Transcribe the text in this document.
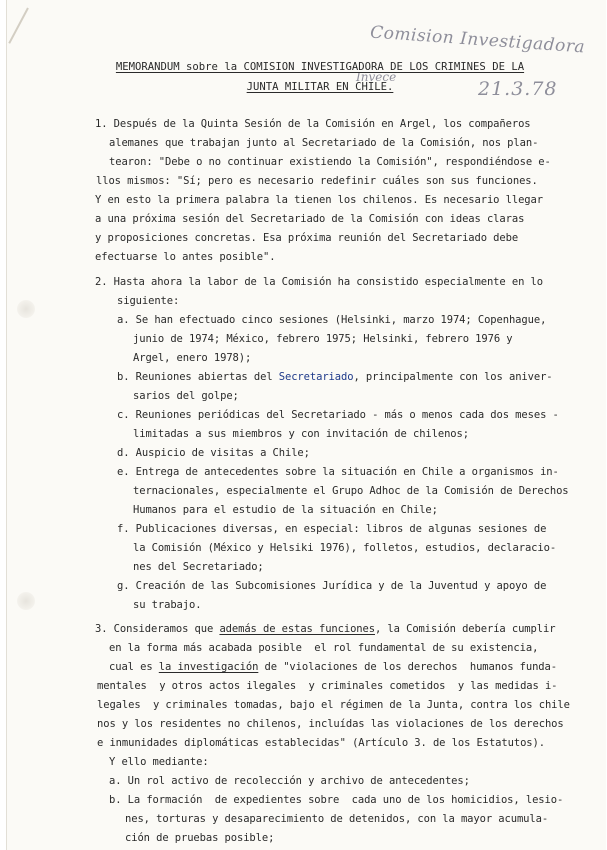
Comision Investigadora
Invece
21.3.78
MEMORANDUM sobre la COMISION INVESTIGADORA DE LOS CRIMINES DE LA
JUNTA MILITAR EN CHILE.
1. Después de la Quinta Sesión de la Comisión en Argel, los compañeros
alemanes que trabajan junto al Secretariado de la Comisión, nos plan-
tearon: "Debe o no continuar existiendo la Comisión", respondiéndose e-
llos mismos: "Sí; pero es necesario redefinir cuáles son sus funciones.
Y en esto la primera palabra la tienen los chilenos. Es necesario llegar
a una próxima sesión del Secretariado de la Comisión con ideas claras
y proposiciones concretas. Esa próxima reunión del Secretariado debe
efectuarse lo antes posible".
2. Hasta ahora la labor de la Comisión ha consistido especialmente en lo
siguiente:
a. Se han efectuado cinco sesiones (Helsinki, marzo 1974; Copenhague,
junio de 1974; México, febrero 1975; Helsinki, febrero 1976 y
Argel, enero 1978);
b. Reuniones abiertas del Secretariado, principalmente con los aniver-
sarios del golpe;
c. Reuniones periódicas del Secretariado - más o menos cada dos meses -
limitadas a sus miembros y con invitación de chilenos;
d. Auspicio de visitas a Chile;
e. Entrega de antecedentes sobre la situación en Chile a organismos in-
ternacionales, especialmente el Grupo Adhoc de la Comisión de Derechos
Humanos para el estudio de la situación en Chile;
f. Publicaciones diversas, en especial: libros de algunas sesiones de
la Comisión (México y Helsiki 1976), folletos, estudios, declaracio-
nes del Secretariado;
g. Creación de las Subcomisiones Jurídica y de la Juventud y apoyo de
su trabajo.
3. Consideramos que además de estas funciones, la Comisión debería cumplir
en la forma más acabada posible  el rol fundamental de su existencia,
cual es la investigación de "violaciones de los derechos  humanos funda-
mentales  y otros actos ilegales  y criminales cometidos  y las medidas i-
legales  y criminales tomadas, bajo el régimen de la Junta, contra los chile
nos y los residentes no chilenos, incluídas las violaciones de los derechos
e inmunidades diplomáticas establecidas" (Artículo 3. de los Estatutos).
Y ello mediante:
a. Un rol activo de recolección y archivo de antecedentes;
b. La formación  de expedientes sobre  cada uno de los homicidios, lesio-
nes, torturas y desaparecimiento de detenidos, con la mayor acumula-
ción de pruebas posible;
